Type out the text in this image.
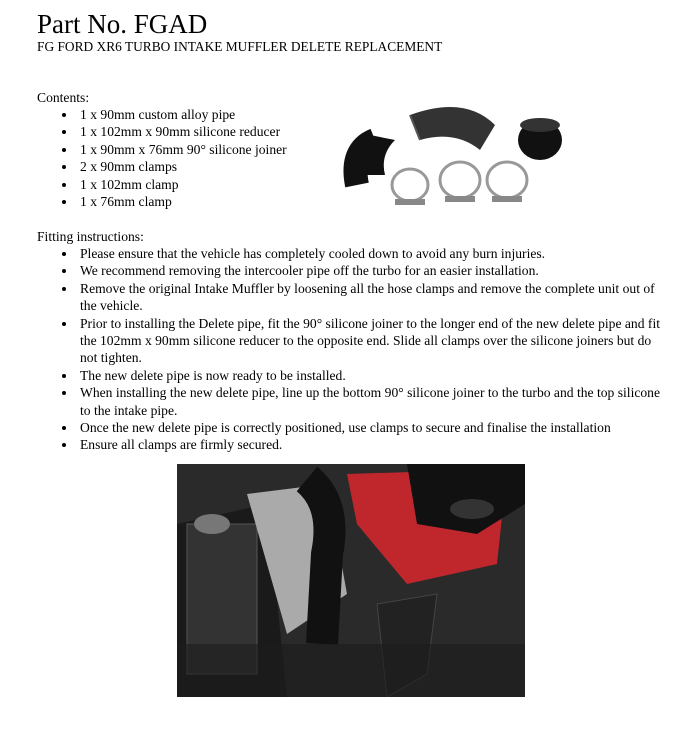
Part No. FGAD
FG FORD XR6 TURBO INTAKE MUFFLER DELETE REPLACEMENT
Contents:
1 x 90mm custom alloy pipe
1 x 102mm x 90mm silicone reducer
1 x 90mm x 76mm 90° silicone joiner
2 x 90mm clamps
1 x 102mm clamp
1 x 76mm clamp
Fitting instructions:
Please ensure that the vehicle has completely cooled down to avoid any burn injuries.
We recommend removing the intercooler pipe off the turbo for an easier installation.
Remove the original Intake Muffler by loosening all the hose clamps and remove the complete unit out of the vehicle.
Prior to installing the Delete pipe, fit the 90° silicone joiner to the longer end of the new delete pipe and fit the 102mm x 90mm silicone reducer to the opposite end. Slide all clamps over the silicone joiners but do not tighten.
The new delete pipe is now ready to be installed.
When installing the new delete pipe, line up the bottom 90° silicone joiner to the turbo and the top silicone to the intake pipe.
Once the new delete pipe is correctly positioned, use clamps to secure and finalise the installation
Ensure all clamps are firmly secured.
